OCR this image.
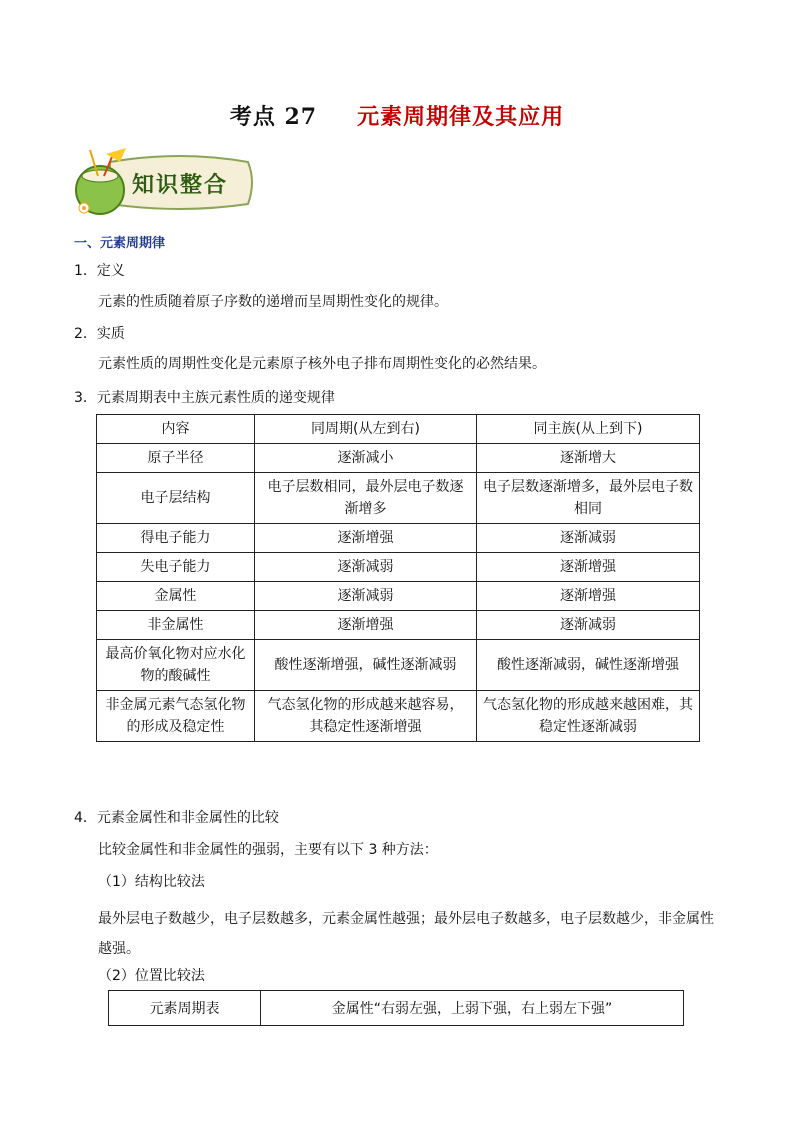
考点 27 元素周期律及其应用
知识整合
一、元素周期律
1．定义
元素的性质随着原子序数的递增而呈周期性变化的规律。
2．实质
元素性质的周期性变化是元素原子核外电子排布周期性变化的必然结果。
3．元素周期表中主族元素性质的递变规律
内容	同周期(从左到右)	同主族(从上到下)
原子半径	逐渐减小	逐渐增大
电子层结构	电子层数相同，最外层电子数逐渐增多	电子层数逐渐增多，最外层电子数相同
得电子能力	逐渐增强	逐渐减弱
失电子能力	逐渐减弱	逐渐增强
金属性	逐渐减弱	逐渐增强
非金属性	逐渐增强	逐渐减弱
最高价氧化物对应水化物的酸碱性	酸性逐渐增强，碱性逐渐减弱	酸性逐渐减弱，碱性逐渐增强
非金属元素气态氢化物的形成及稳定性	气态氢化物的形成越来越容易，其稳定性逐渐增强	气态氢化物的形成越来越困难，其稳定性逐渐减弱
4．元素金属性和非金属性的比较
比较金属性和非金属性的强弱，主要有以下 3 种方法：
（1）结构比较法
最外层电子数越少，电子层数越多，元素金属性越强；最外层电子数越多，电子层数越少，非金属性越强。
（2）位置比较法
元素周期表	金属性“右弱左强，上弱下强，右上弱左下强”
